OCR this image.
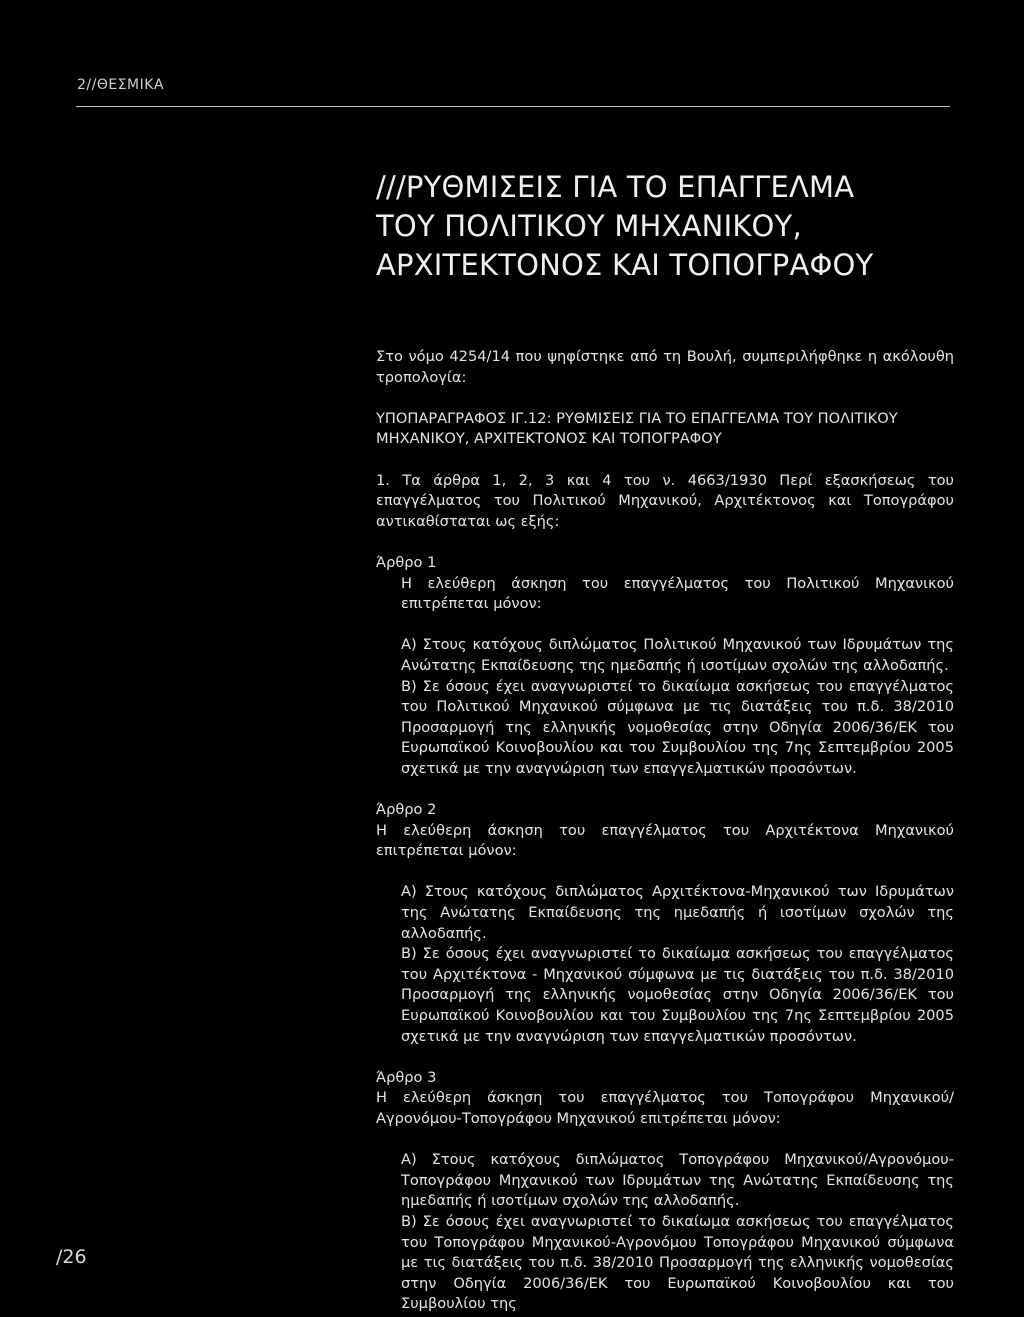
2//ΘΕΣΜΙΚΑ
///ΡΥΘΜΙΣΕΙΣ ΓΙΑ ΤΟ ΕΠΑΓΓΕΛΜΑ
ΤΟΥ ΠΟΛΙΤΙΚΟΥ ΜΗΧΑΝΙΚΟΥ,
ΑΡΧΙΤΕΚΤΟΝΟΣ ΚΑΙ ΤΟΠΟΓΡΑΦΟΥ

Στο νόμο 4254/14 που ψηφίστηκε από τη Βουλή, συμπεριλήφθηκε η ακόλουθη τροπολογία:

ΥΠΟΠΑΡΑΓΡΑΦΟΣ ΙΓ.12: ΡΥΘΜΙΣΕΙΣ ΓΙΑ ΤΟ ΕΠΑΓΓΕΛΜΑ ΤΟΥ ΠΟΛΙΤΙΚΟΥ ΜΗΧΑΝΙΚΟΥ, ΑΡΧΙΤΕΚΤΟΝΟΣ ΚΑΙ ΤΟΠΟΓΡΑΦΟΥ

1. Τα άρθρα 1, 2, 3 και 4 του ν. 4663/1930 Περί εξασκήσεως του επαγγέλματος του Πολιτικού Μηχανικού, Αρχιτέκτονος και Τοπογράφου αντικαθίσταται ως εξής:

Άρθρο 1

Η ελεύθερη άσκηση του επαγγέλματος του Πολιτικού Μηχανικού επιτρέπεται μόνον:

Α) Στους κατόχους διπλώματος Πολιτικού Μηχανικού των Ιδρυμάτων της Ανώτατης Εκπαίδευσης της ημεδαπής ή ισοτίμων σχολών της αλλοδαπής.

Β) Σε όσους έχει αναγνωριστεί το δικαίωμα ασκήσεως του επαγγέλματος του Πολιτικού Μηχανικού σύμφωνα με τις διατάξεις του π.δ. 38/2010 Προσαρμογή της ελληνικής νομοθεσίας στην Οδηγία 2006/36/ΕΚ του Ευρωπαϊκού Κοινοβουλίου και του Συμβουλίου της 7ης Σεπτεμβρίου 2005 σχετικά με την αναγνώριση των επαγγελματικών προσόντων.

Άρθρο 2

Η ελεύθερη άσκηση του επαγγέλματος του Αρχιτέκτονα Μηχανικού επιτρέπεται μόνον:

Α) Στους κατόχους διπλώματος Αρχιτέκτονα-Μηχανικού των Ιδρυμάτων της Ανώτατης Εκπαίδευσης της ημεδαπής ή ισοτίμων σχολών της αλλοδαπής.

Β) Σε όσους έχει αναγνωριστεί το δικαίωμα ασκήσεως του επαγγέλματος του Αρχιτέκτονα - Μηχανικού σύμφωνα με τις διατάξεις του π.δ. 38/2010 Προσαρμογή της ελληνικής νομοθεσίας στην Οδηγία 2006/36/ΕΚ του Ευρωπαϊκού Κοινοβουλίου και του Συμβουλίου της 7ης Σεπτεμβρίου 2005 σχετικά με την αναγνώριση των επαγγελματικών προσόντων.

Άρθρο 3

Η ελεύθερη άσκηση του επαγγέλματος του Τοπογράφου Μηχανικού/Αγρονόμου-Τοπογράφου Μηχανικού επιτρέπεται μόνον:

Α) Στους κατόχους διπλώματος Τοπογράφου Μηχανικού/Αγρονόμου-Τοπογράφου Μηχανικού των Ιδρυμάτων της Ανώτατης Εκπαίδευσης της ημεδαπής ή ισοτίμων σχολών της αλλοδαπής.

Β) Σε όσους έχει αναγνωριστεί το δικαίωμα ασκήσεως του επαγγέλματος του Τοπογράφου Μηχανικού-Αγρονόμου Τοπογράφου Μηχανικού σύμφωνα με τις διατάξεις του π.δ. 38/2010 Προσαρμογή της ελληνικής νομοθεσίας στην Οδηγία 2006/36/ΕΚ του Ευρωπαϊκού Κοινοβουλίου και του Συμβουλίου της

/26
